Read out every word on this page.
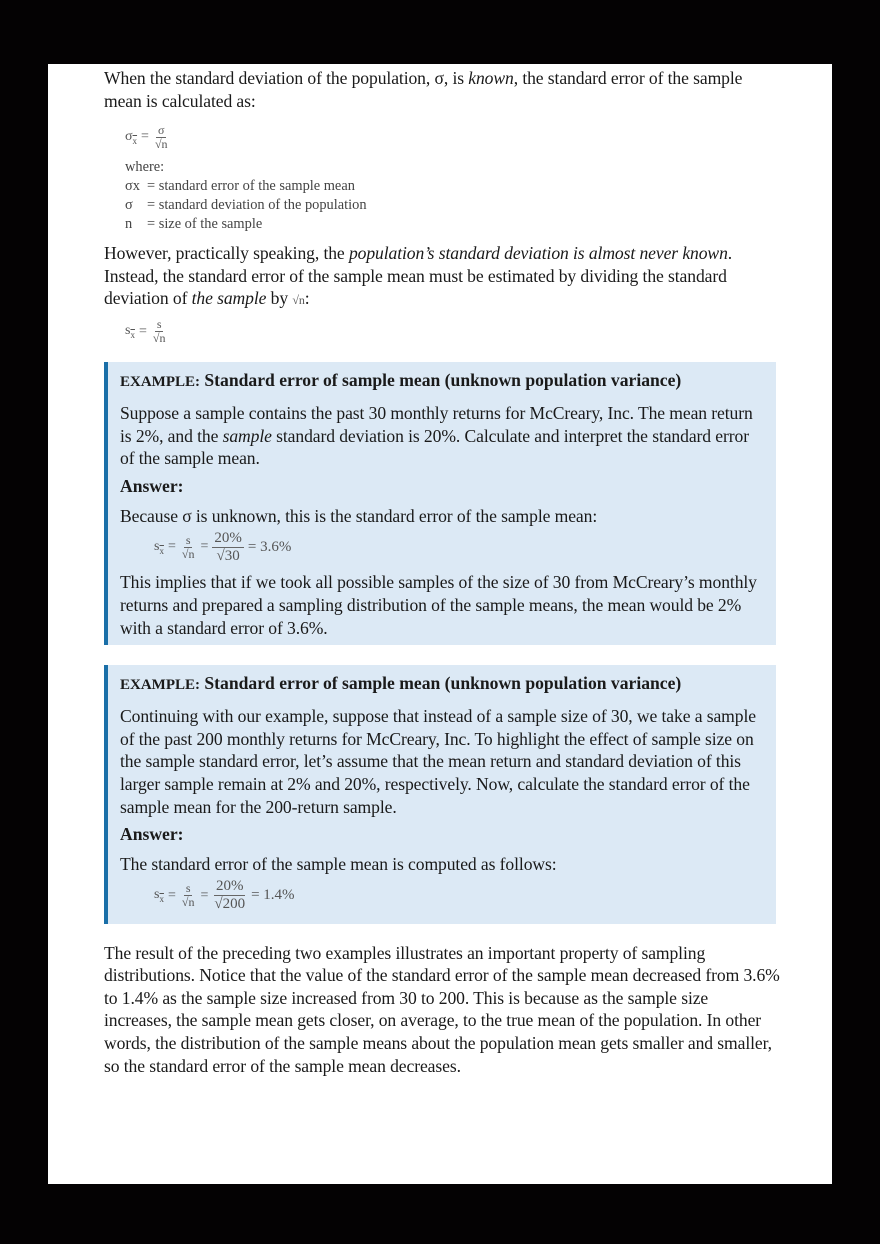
When the standard deviation of the population, σ, is known, the standard error of the sample mean is calculated as:

$\sigma_{\overline{x}} = \frac{\sigma}{√n}$
where:
σx = standard error of the sample mean
σ = standard deviation of the population
n	= size of the sample

However, practically speaking, the population’s standard deviation is almost never known. Instead, the standard error of the sample mean must be estimated by dividing the standard deviation of the sample by √n:

$s_{\overline{x}} = \frac{s}{√n}$
EXAMPLE: Standard error of sample mean (unknown population variance)

Suppose a sample contains the past 30 monthly returns for McCreary, Inc. The mean return is 2%, and the sample standard deviation is 20%. Calculate and interpret the standard error of the sample mean.

Answer:

Because σ is unknown, this is the standard error of the sample mean:

$s_{\overline{x}} = \frac{s}{√n} = \frac{20\%}{√30} = 3.6\%$

This implies that if we took all possible samples of the size of 30 from McCreary’s monthly returns and prepared a sampling distribution of the sample means, the mean would be 2% with a standard error of 3.6%.

EXAMPLE: Standard error of sample mean (unknown population variance)

Continuing with our example, suppose that instead of a sample size of 30, we take a sample of the past 200 monthly returns for McCreary, Inc. To highlight the effect of sample size on the sample standard error, let’s assume that the mean return and standard deviation of this larger sample remain at 2% and 20%, respectively. Now, calculate the standard error of the sample mean for the 200-return sample.

Answer:

The standard error of the sample mean is computed as follows:

$s_{\overline{x}} = \frac{s}{√n} = \frac{20\%}{√200} = 1.4\%$

The result of the preceding two examples illustrates an important property of sampling distributions. Notice that the value of the standard error of the sample mean decreased from 3.6% to 1.4% as the sample size increased from 30 to 200. This is because as the sample size increases, the sample mean gets closer, on average, to the true mean of the population. In other words, the distribution of the sample means about the population mean gets smaller and smaller, so the standard error of the sample mean decreases.
